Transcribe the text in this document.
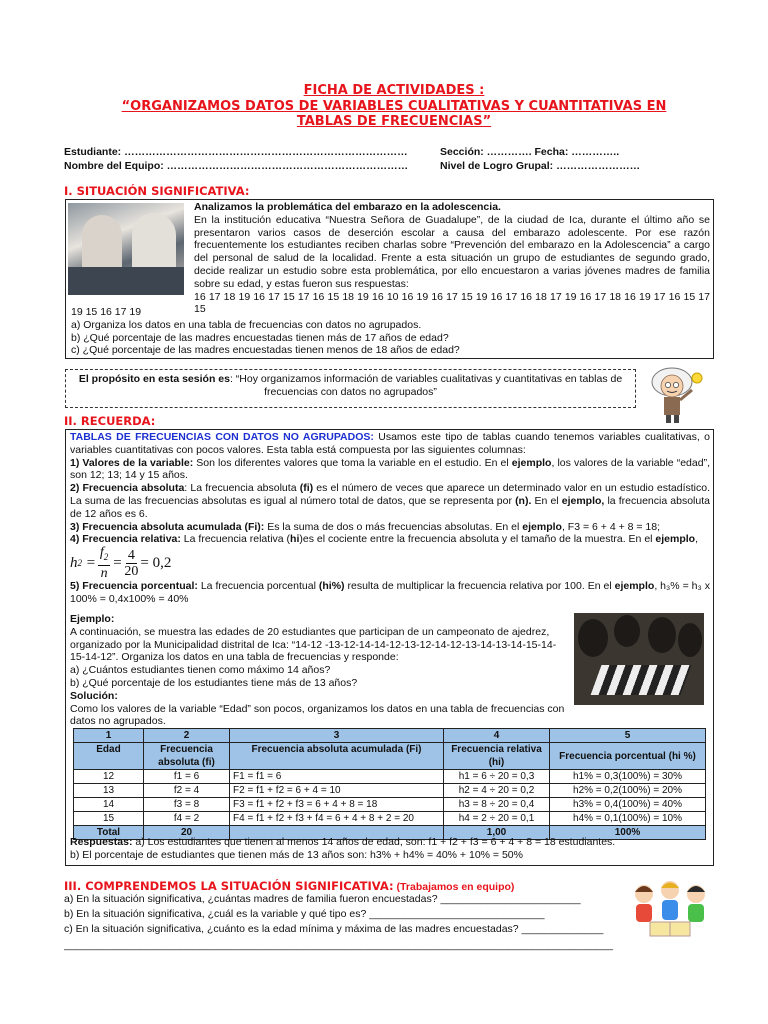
FICHA DE ACTIVIDADES :
“ORGANIZAMOS DATOS DE VARIABLES CUALITATIVAS Y CUANTITATIVAS EN
TABLAS DE FRECUENCIAS”
Estudiante: ………………………………………………………………………
Nombre del Equipo: ……………………………………………………………
Sección: …………. Fecha: …………..
Nivel de Logro Grupal: ……………………
I. SITUACIÓN SIGNIFICATIVA:
Analizamos la problemática del embarazo en la adolescencia.
En la institución educativa “Nuestra Señora de Guadalupe”, de la ciudad de Ica, durante el último año se presentaron varios casos de deserción escolar a causa del embarazo adolescente. Por ese razón frecuentemente los estudiantes reciben charlas sobre “Prevención del embarazo en la Adolescencia” a cargo del personal de salud de la localidad. Frente a esta situación un grupo de estudiantes de segundo grado, decide realizar un estudio sobre esta problemática, por ello encuestaron a varias jóvenes madres de familia sobre su edad, y estas fueron sus respuestas:
16 17 18 19 16 17 15 17 16 15 18 19 16 10 16 19 16 17 15 19 16 17 16 18 17 19 16 17 18 16 19 17 16 15 17 15
19 15 16 17 19
a) Organiza los datos en una tabla de frecuencias con datos no agrupados.
b) ¿Qué porcentaje de las madres encuestadas tienen más de 17 años de edad?
c) ¿Qué porcentaje de las madres encuestadas tienen menos de 18 años de edad?
El propósito en esta sesión es: “Hoy organizamos información de variables cualitativas y cuantitativas en tablas de frecuencias con datos no agrupados”
II. RECUERDA:
TABLAS DE FRECUENCIAS CON DATOS NO AGRUPADOS: Usamos este tipo de tablas cuando tenemos variables cualitativas, o variables cuantitativas con pocos valores. Esta tabla está compuesta por las siguientes columnas:
1) Valores de la variable: Son los diferentes valores que toma la variable en el estudio. En el ejemplo, los valores de la variable “edad”, son 12; 13; 14 y 15 años.
2) Frecuencia absoluta: La frecuencia absoluta (fi) es el número de veces que aparece un determinado valor en un estudio estadístico. La suma de las frecuencias absolutas es igual al número total de datos, que se representa por (n). En el ejemplo, la frecuencia absoluta de 12 años es 6.
3) Frecuencia absoluta acumulada (Fi): Es la suma de dos o más frecuencias absolutas. En el ejemplo, F3 = 6 + 4 + 8 = 18;
4) Frecuencia relativa: La frecuencia relativa (hi)es el cociente entre la frecuencia absoluta y el tamaño de la muestra. En el ejemplo,
h $2 = \frac{f_2}{n} = \frac{4}{20} = 0,2$
5) Frecuencia porcentual: La frecuencia porcentual (hi%) resulta de multiplicar la frecuencia relativa por 100. En el ejemplo, h₃% = h₃ x 100% = 0,4x100% = 40%
Ejemplo:
A continuación, se muestra las edades de 20 estudiantes que participan de un campeonato de ajedrez, organizado por la Municipalidad distrital de Ica: “14-12 -13-12-14-14-12-13-12-14-12-13-14-13-14-15-14-15-14-12”. Organiza los datos en una tabla de frecuencias y responde:
a) ¿Cuántos estudiantes tienen como máximo 14 años?
b) ¿Qué porcentaje de los estudiantes tiene más de 13 años?
Solución:
Como los valores de la variable “Edad” son pocos, organizamos los datos en una tabla de frecuencias con datos no agrupados.
1	2	3	4	5
Edad	Frecuencia absoluta (fi)	Frecuencia absoluta acumulada (Fi)	Frecuencia relativa (hi)	Frecuencia porcentual (hi %)
12	f1 = 6	F1 = f1 = 6	h1 = 6 ÷ 20 = 0,3	h1% = 0,3(100%) = 30%
13	f2 = 4	F2 = f1 + f2 = 6 + 4 = 10	h2 = 4 ÷ 20 = 0,2	h2% = 0,2(100%) = 20%
14	f3 = 8	F3 = f1 + f2 + f3 = 6 + 4 + 8 = 18	h3 = 8 ÷ 20 = 0,4	h3% = 0,4(100%) = 40%
15	f4 = 2	F4 = f1 + f2 + f3 + f4 = 6 + 4 + 8 + 2 = 20	h4 = 2 ÷ 20 = 0,1	h4% = 0,1(100%) = 10%
Total	20		1,00	100%
Respuestas: a) Los estudiantes que tienen al menos 14 años de edad, son: f1 + f2 + f3 = 6 + 4 + 8 = 18 estudiantes.
b) El porcentaje de estudiantes que tienen más de 13 años son: h3% + h4% = 40% + 10% = 50%
III. COMPRENDEMOS LA SITUACIÓN SIGNIFICATIVA: (Trabajamos en equipo)
a) En la situación significativa, ¿cuántas madres de familia fueron encuestadas? ________________________
b) En la situación significativa, ¿cuál es la variable y qué tipo es? ______________________________
c) En la situación significativa, ¿cuánto es la edad mínima y máxima de las madres encuestadas? ______________
______________________________________________________________________________________________
